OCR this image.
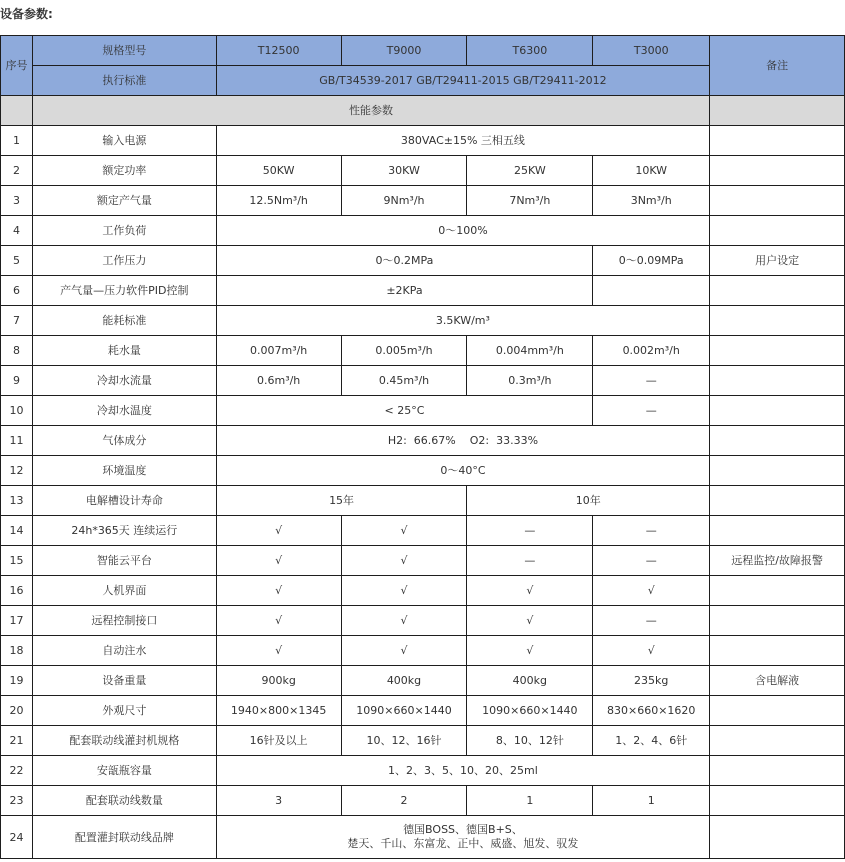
设备参数:
序号	规格型号	T12500	T9000	T6300	T3000	备注
	执行标准	GB/T34539-2017 GB/T29411-2015 GB/T29411-2012				
	性能参数					
1	输入电源	380VAC±15% 三相五线				
2	额定功率	50KW	30KW	25KW	10KW	
3	额定产气量	12.5Nm³/h	9Nm³/h	7Nm³/h	3Nm³/h	
4	工作负荷	0～100%				
5	工作压力	0～0.2MPa			0～0.09MPa	用户设定
6	产气量—压力软件PID控制	±2KPa				
7	能耗标准	3.5KW/m³				
8	耗水量	0.007m³/h	0.005m³/h	0.004mm³/h	0.002m³/h	
9	冷却水流量	0.6m³/h	0.45m³/h	0.3m³/h	—	
10	冷却水温度	< 25°C			—	
11	气体成分	H2:  66.67%    O2:  33.33%				
12	环境温度	0～40°C				
13	电解槽设计寿命	15年		10年		
14	24h*365天 连续运行	√	√	—	—	
15	智能云平台	√	√	—	—	远程监控/故障报警
16	人机界面	√	√	√	√	
17	远程控制接口	√	√	√	—	
18	自动注水	√	√	√	√	
19	设备重量	900kg	400kg	400kg	235kg	含电解液
20	外观尺寸	1940×800×1345	1090×660×1440	1090×660×1440	830×660×1620	
21	配套联动线灌封机规格	16针及以上	10、12、16针	8、10、12针	1、2、4、6针	
22	安瓿瓶容量	1、2、3、5、10、20、25ml				
23	配套联动线数量	3	2	1	1	
24	配置灌封联动线品牌	德国BOSS、德国B+S、
楚天、千山、东富龙、正中、威盛、旭发、驭发				
